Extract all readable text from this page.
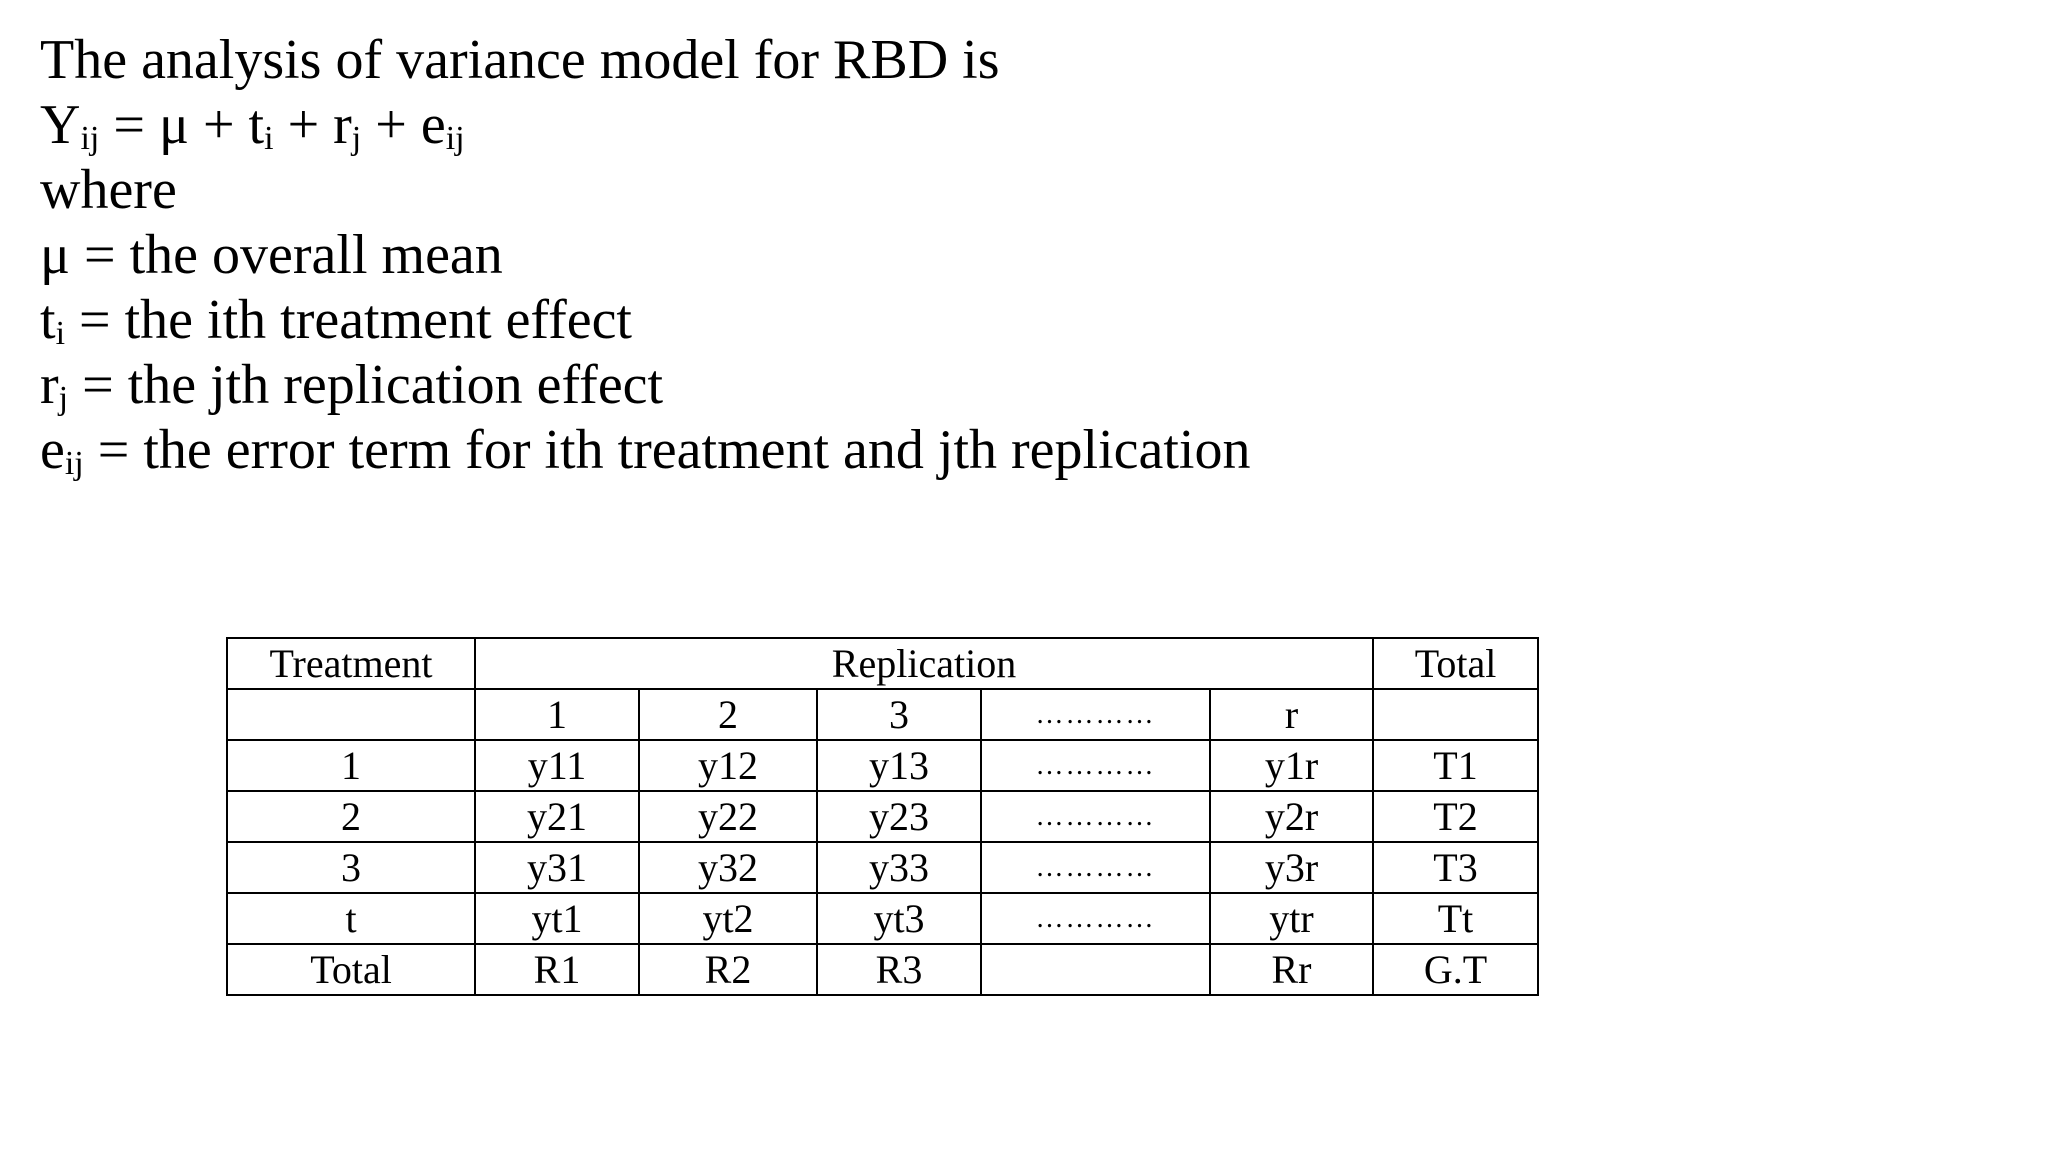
The analysis of variance model for RBD is
Yij = μ + ti + rj + eij
where
μ = the overall mean
ti = the ith treatment effect
rj = the jth replication effect
eij = the error term for ith treatment and jth replication
Treatment	Replication					Total
	1	2	3	…………	r	
1	y11	y12	y13	…………	y1r	T1
2	y21	y22	y23	…………	y2r	T2
3	y31	y32	y33	…………	y3r	T3
t	yt1	yt2	yt3	…………	ytr	Tt
Total	R1	R2	R3		Rr	G.T
